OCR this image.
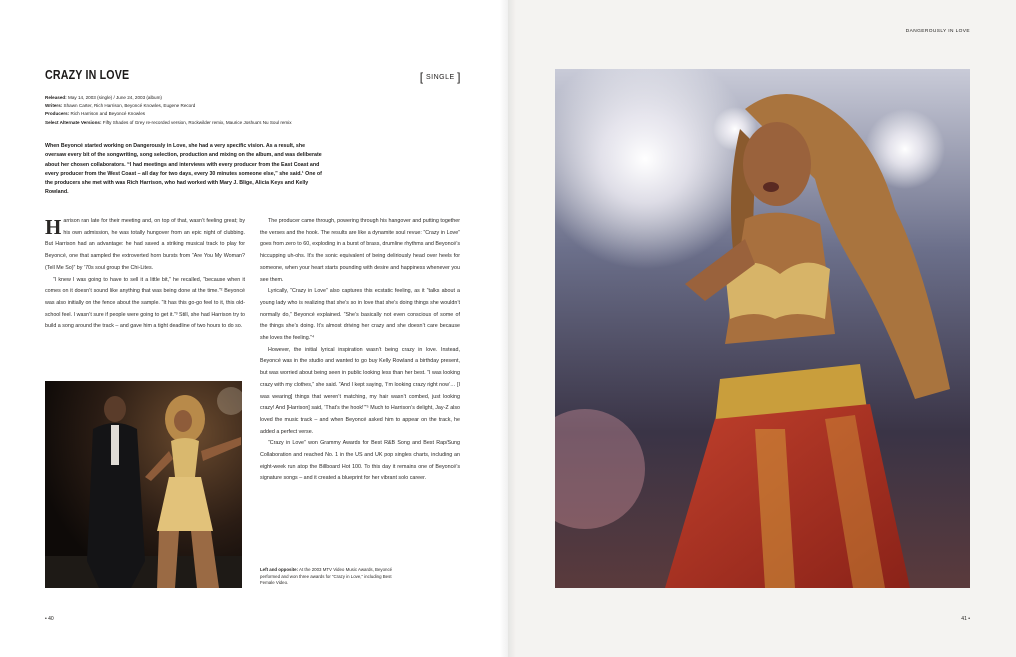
CRAZY IN LOVE	[ SINGLE ]
Released: May 14, 2003 (single) / June 24, 2003 (album)
Writers: Shawn Carter, Rich Harrison, Beyoncé Knowles, Eugene Record
Producers: Rich Harrison and Beyoncé Knowles
Select Alternate Versions: Fifty Shades of Grey re-recorded version, Rockwilder remix, Maurice Joshua's Nu Soul remix
When Beyoncé started working on Dangerously in Love, she had a very specific vision. As a result, she oversaw every bit of the songwriting, song selection, production and mixing on the album, and was deliberate about her chosen collaborators. “I had meetings and interviews with every producer from the East Coast and every producer from the West Coast – all day for two days, every 30 minutes someone else,” she said.¹ One of the producers she met with was Rich Harrison, who had worked with Mary J. Blige, Alicia Keys and Kelly Rowland.

Harrison ran late for their meeting and, on top of that, wasn’t feeling great; by his own admission, he was totally hungover from an epic night of clubbing. But Harrison had an advantage: he had saved a striking musical track to play for Beyoncé, one that sampled the extroverted horn bursts from “Are You My Woman? (Tell Me So)” by ’70s soul group the Chi-Lites.

“I knew I was going to have to sell it a little bit,” he recalled, “because when it comes on it doesn’t sound like anything that was being done at the time.”² Beyoncé was also initially on the fence about the sample. “It has this go-go feel to it, this old-school feel. I wasn’t sure if people were going to get it.”³ Still, she had Harrison try to build a song around the track – and gave him a tight deadline of two hours to do so.

The producer came through, powering through his hangover and putting together the verses and the hook. The results are like a dynamite soul revue: “Crazy in Love” goes from zero to 60, exploding in a burst of brass, drumline rhythms and Beyoncé’s hiccupping uh-ohs. It’s the sonic equivalent of being deliriously head over heels for someone, when your heart starts pounding with desire and happiness whenever you see them.

Lyrically, “Crazy in Love” also captures this ecstatic feeling, as it “talks about a young lady who is realizing that she’s so in love that she’s doing things she wouldn’t normally do,” Beyoncé explained. “She’s basically not even conscious of some of the things she’s doing. It’s almost driving her crazy and she doesn’t care because she loves the feeling.”⁴

However, the initial lyrical inspiration wasn’t being crazy in love. Instead, Beyoncé was in the studio and wanted to go buy Kelly Rowland a birthday present, but was worried about being seen in public looking less than her best. “I was looking crazy with my clothes,” she said. “And I kept saying, ‘I’m looking crazy right now’… [I was wearing] things that weren’t matching, my hair wasn’t combed, just looking crazy! And [Harrison] said, ‘That’s the hook!’”⁵ Much to Harrison’s delight, Jay-Z also loved the music track – and when Beyoncé asked him to appear on the track, he added a perfect verse.

“Crazy in Love” won Grammy Awards for Best R&B Song and Best Rap/Sung Collaboration and reached No. 1 in the US and UK pop singles charts, including an eight-week run atop the Billboard Hot 100. To this day it remains one of Beyoncé’s signature songs – and it created a blueprint for her vibrant solo career.

Left and opposite: At the 2003 MTV Video Music Awards, Beyoncé performed and won three awards for “Crazy in Love,” including Best Female Video.
• 40
DANGEROUSLY IN LOVE
41 •
